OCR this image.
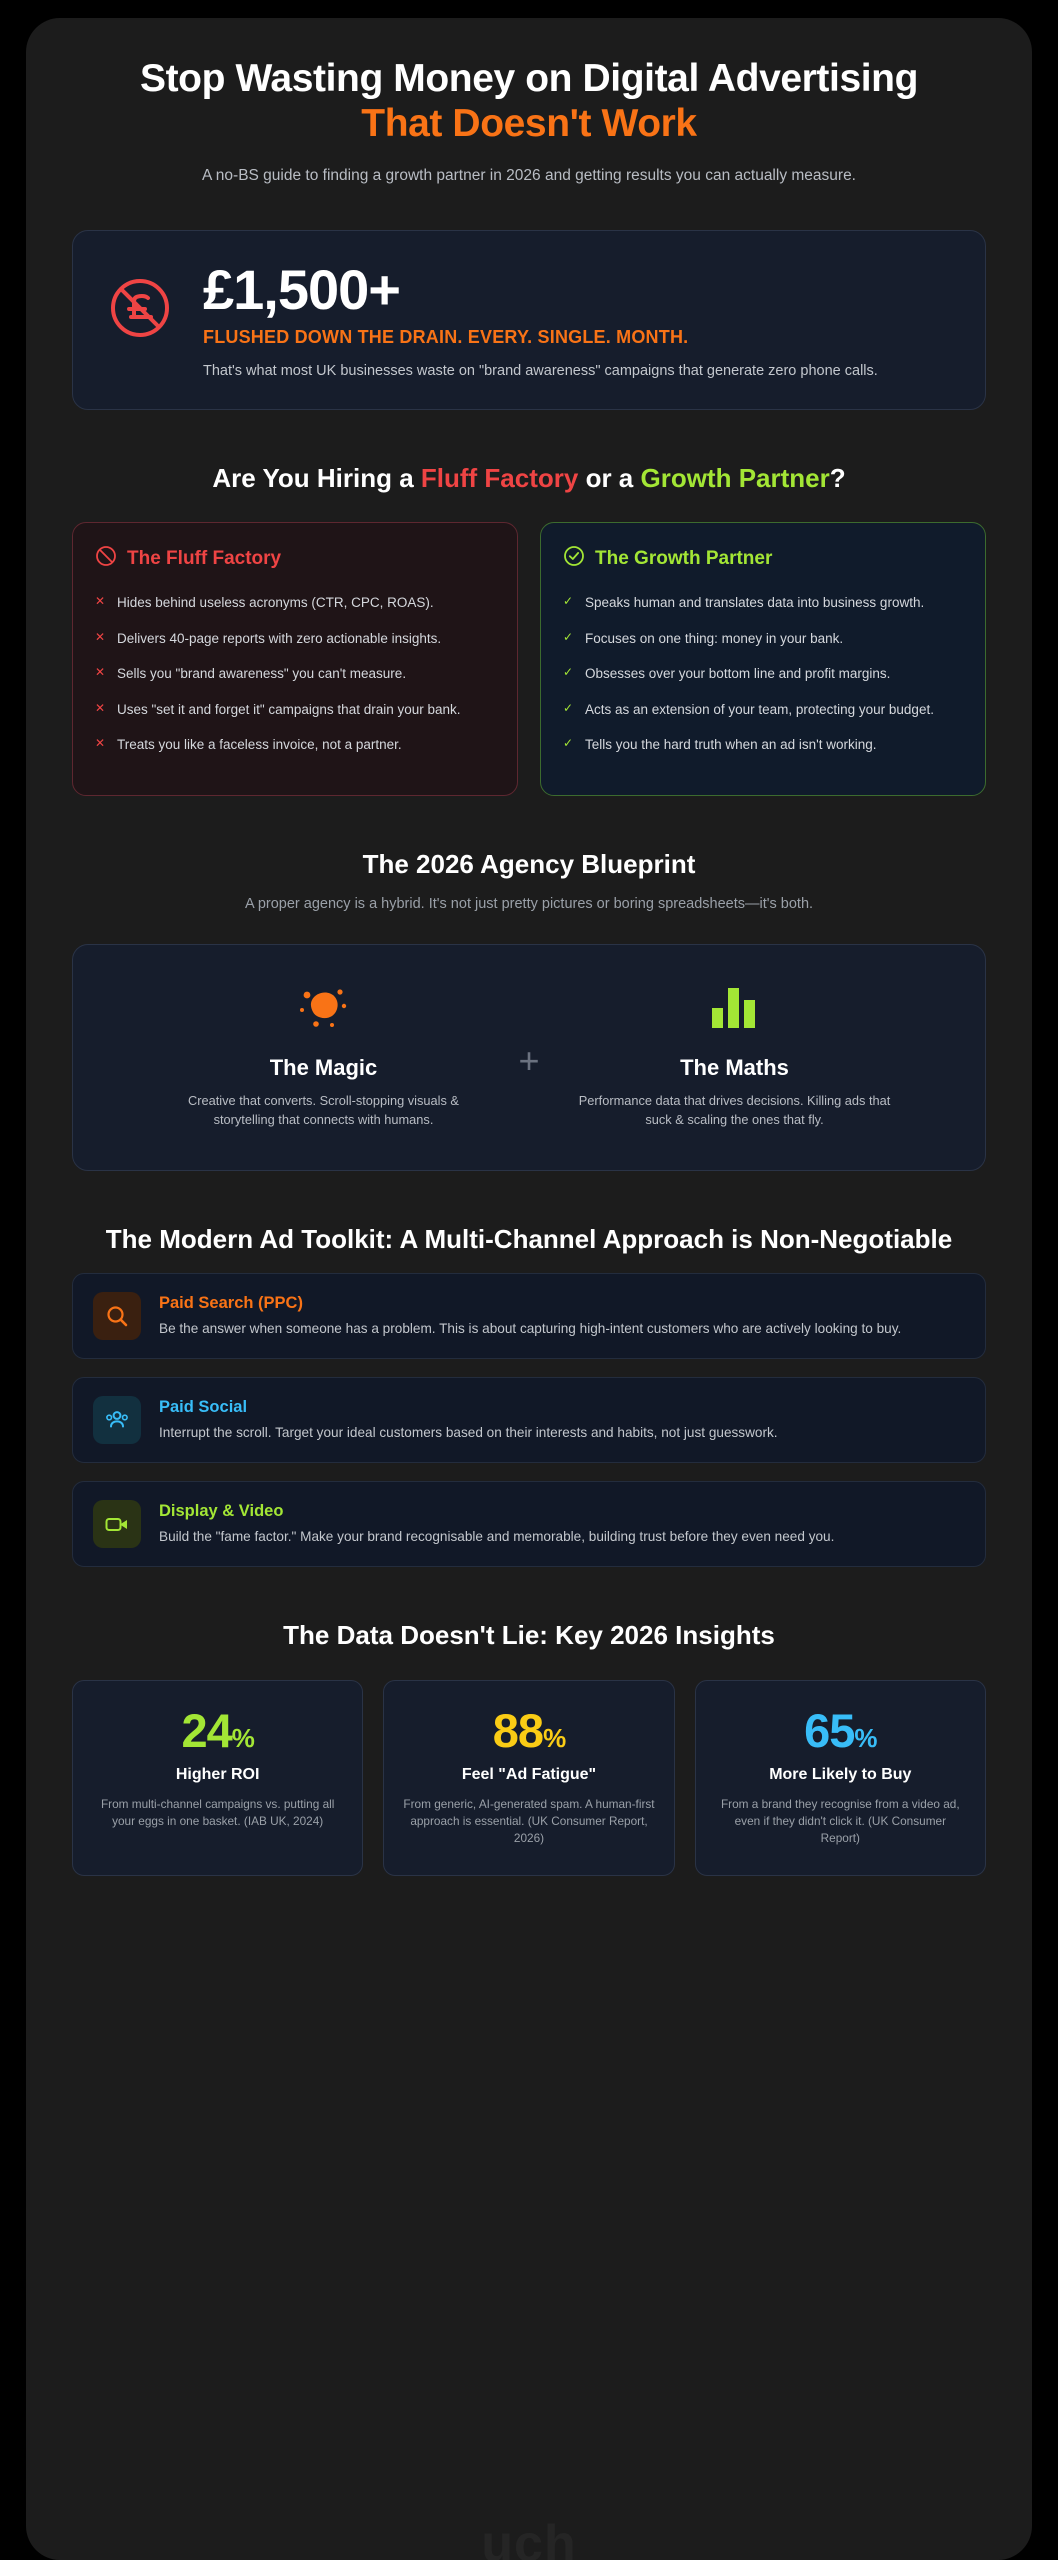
Stop Wasting Money on Digital Advertising
That Doesn't Work

A no-BS guide to finding a growth partner in 2026 and getting results you can actually measure.

£1,500+
FLUSHED DOWN THE DRAIN. EVERY. SINGLE. MONTH.
That's what most UK businesses waste on "brand awareness" campaigns that generate zero phone calls.
Are You Hiring a Fluff Factory or a Growth Partner?
The Fluff Factory
✕ Hides behind useless acronyms (CTR, CPC, ROAS).
✕ Delivers 40-page reports with zero actionable insights.
✕ Sells you "brand awareness" you can't measure.
✕ Uses "set it and forget it" campaigns that drain your bank.
✕ Treats you like a faceless invoice, not a partner.
The Growth Partner
✓ Speaks human and translates data into business growth.
✓ Focuses on one thing: money in your bank.
✓ Obsesses over your bottom line and profit margins.
✓ Acts as an extension of your team, protecting your budget.
✓ Tells you the hard truth when an ad isn't working.
The 2026 Agency Blueprint

A proper agency is a hybrid. It's not just pretty pictures or boring spreadsheets—it's both.

The Magic
Creative that converts. Scroll-stopping visuals & storytelling that connects with humans.
+	The Maths
Performance data that drives decisions. Killing ads that suck & scaling the ones that fly.
The Modern Ad Toolkit: A Multi-Channel Approach is Non-Negotiable
Paid Search (PPC)
Be the answer when someone has a problem. This is about capturing high-intent customers who are actively looking to buy.
Paid Social
Interrupt the scroll. Target your ideal customers based on their interests and habits, not just guesswork.
Display & Video
Build the "fame factor." Make your brand recognisable and memorable, building trust before they even need you.
The Data Doesn't Lie: Key 2026 Insights
24%
Higher ROI
From multi-channel campaigns vs. putting all your eggs in one basket. (IAB UK, 2024)
88%
Feel "Ad Fatigue"
From generic, AI-generated spam. A human-first approach is essential. (UK Consumer Report, 2026)
65%
More Likely to Buy
From a brand they recognise from a video ad, even if they didn't click it. (UK Consumer Report)
